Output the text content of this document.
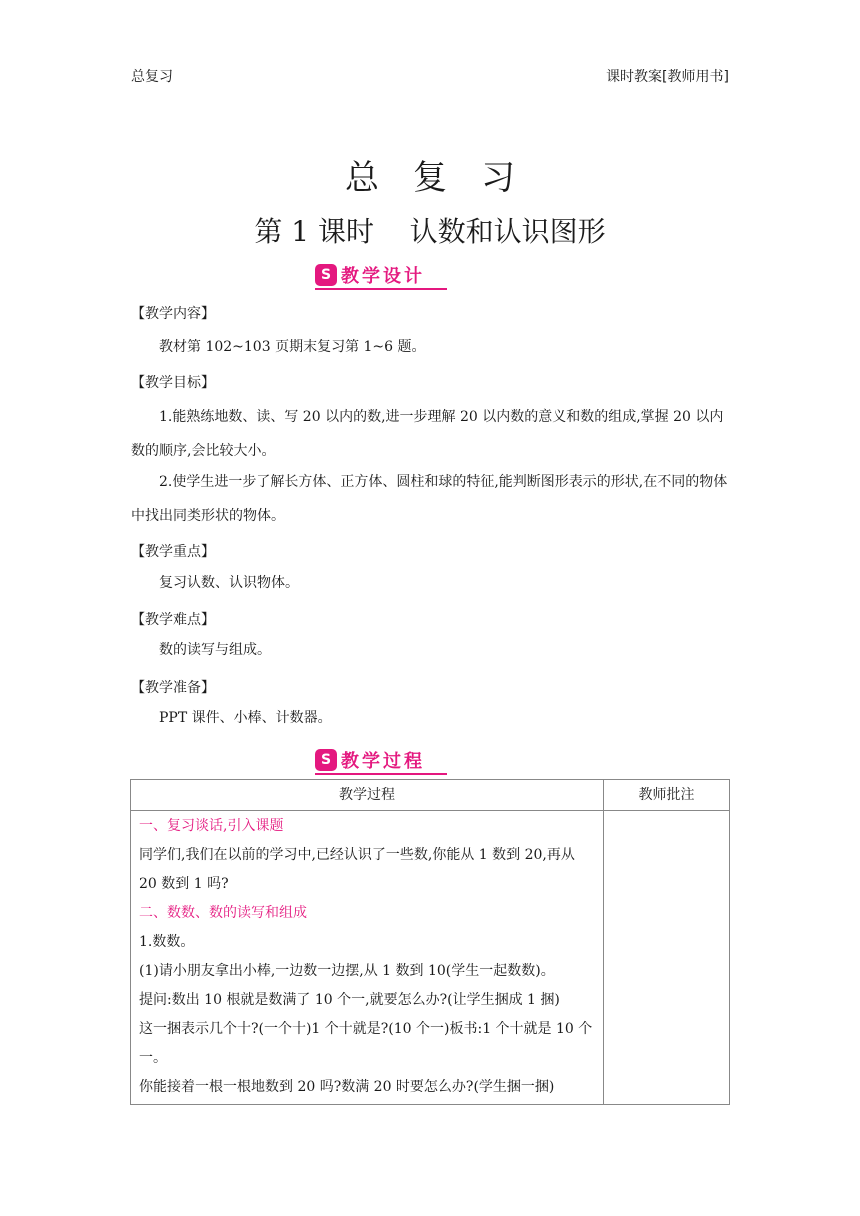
总复习	课时教案[教师用书]
总复习
第 1 课时    认数和认识图形
S 教学设计
【教学内容】
教材第 102~103 页期末复习第 1~6 题。
【教学目标】
1.能熟练地数、读、写 20 以内的数,进一步理解 20 以内数的意义和数的组成,掌握 20 以内数的顺序,会比较大小。
2.使学生进一步了解长方体、正方体、圆柱和球的特征,能判断图形表示的形状,在不同的物体中找出同类形状的物体。
【教学重点】
复习认数、认识物体。
【教学难点】
数的读写与组成。
【教学准备】
PPT 课件、小棒、计数器。
S 教学过程
教学过程	教师批注
一、复习谈话,引入课题
同学们,我们在以前的学习中,已经认识了一些数,你能从 1 数到 20,再从 20 数到 1 吗?
二、数数、数的读写和组成
1.数数。
(1)请小朋友拿出小棒,一边数一边摆,从 1 数到 10(学生一起数数)。
提问:数出 10 根就是数满了 10 个一,就要怎么办?(让学生捆成 1 捆)
这一捆表示几个十?(一个十)1 个十就是?(10 个一)板书:1 个十就是 10 个一。
你能接着一根一根地数到 20 吗?数满 20 时要怎么办?(学生捆一捆)
